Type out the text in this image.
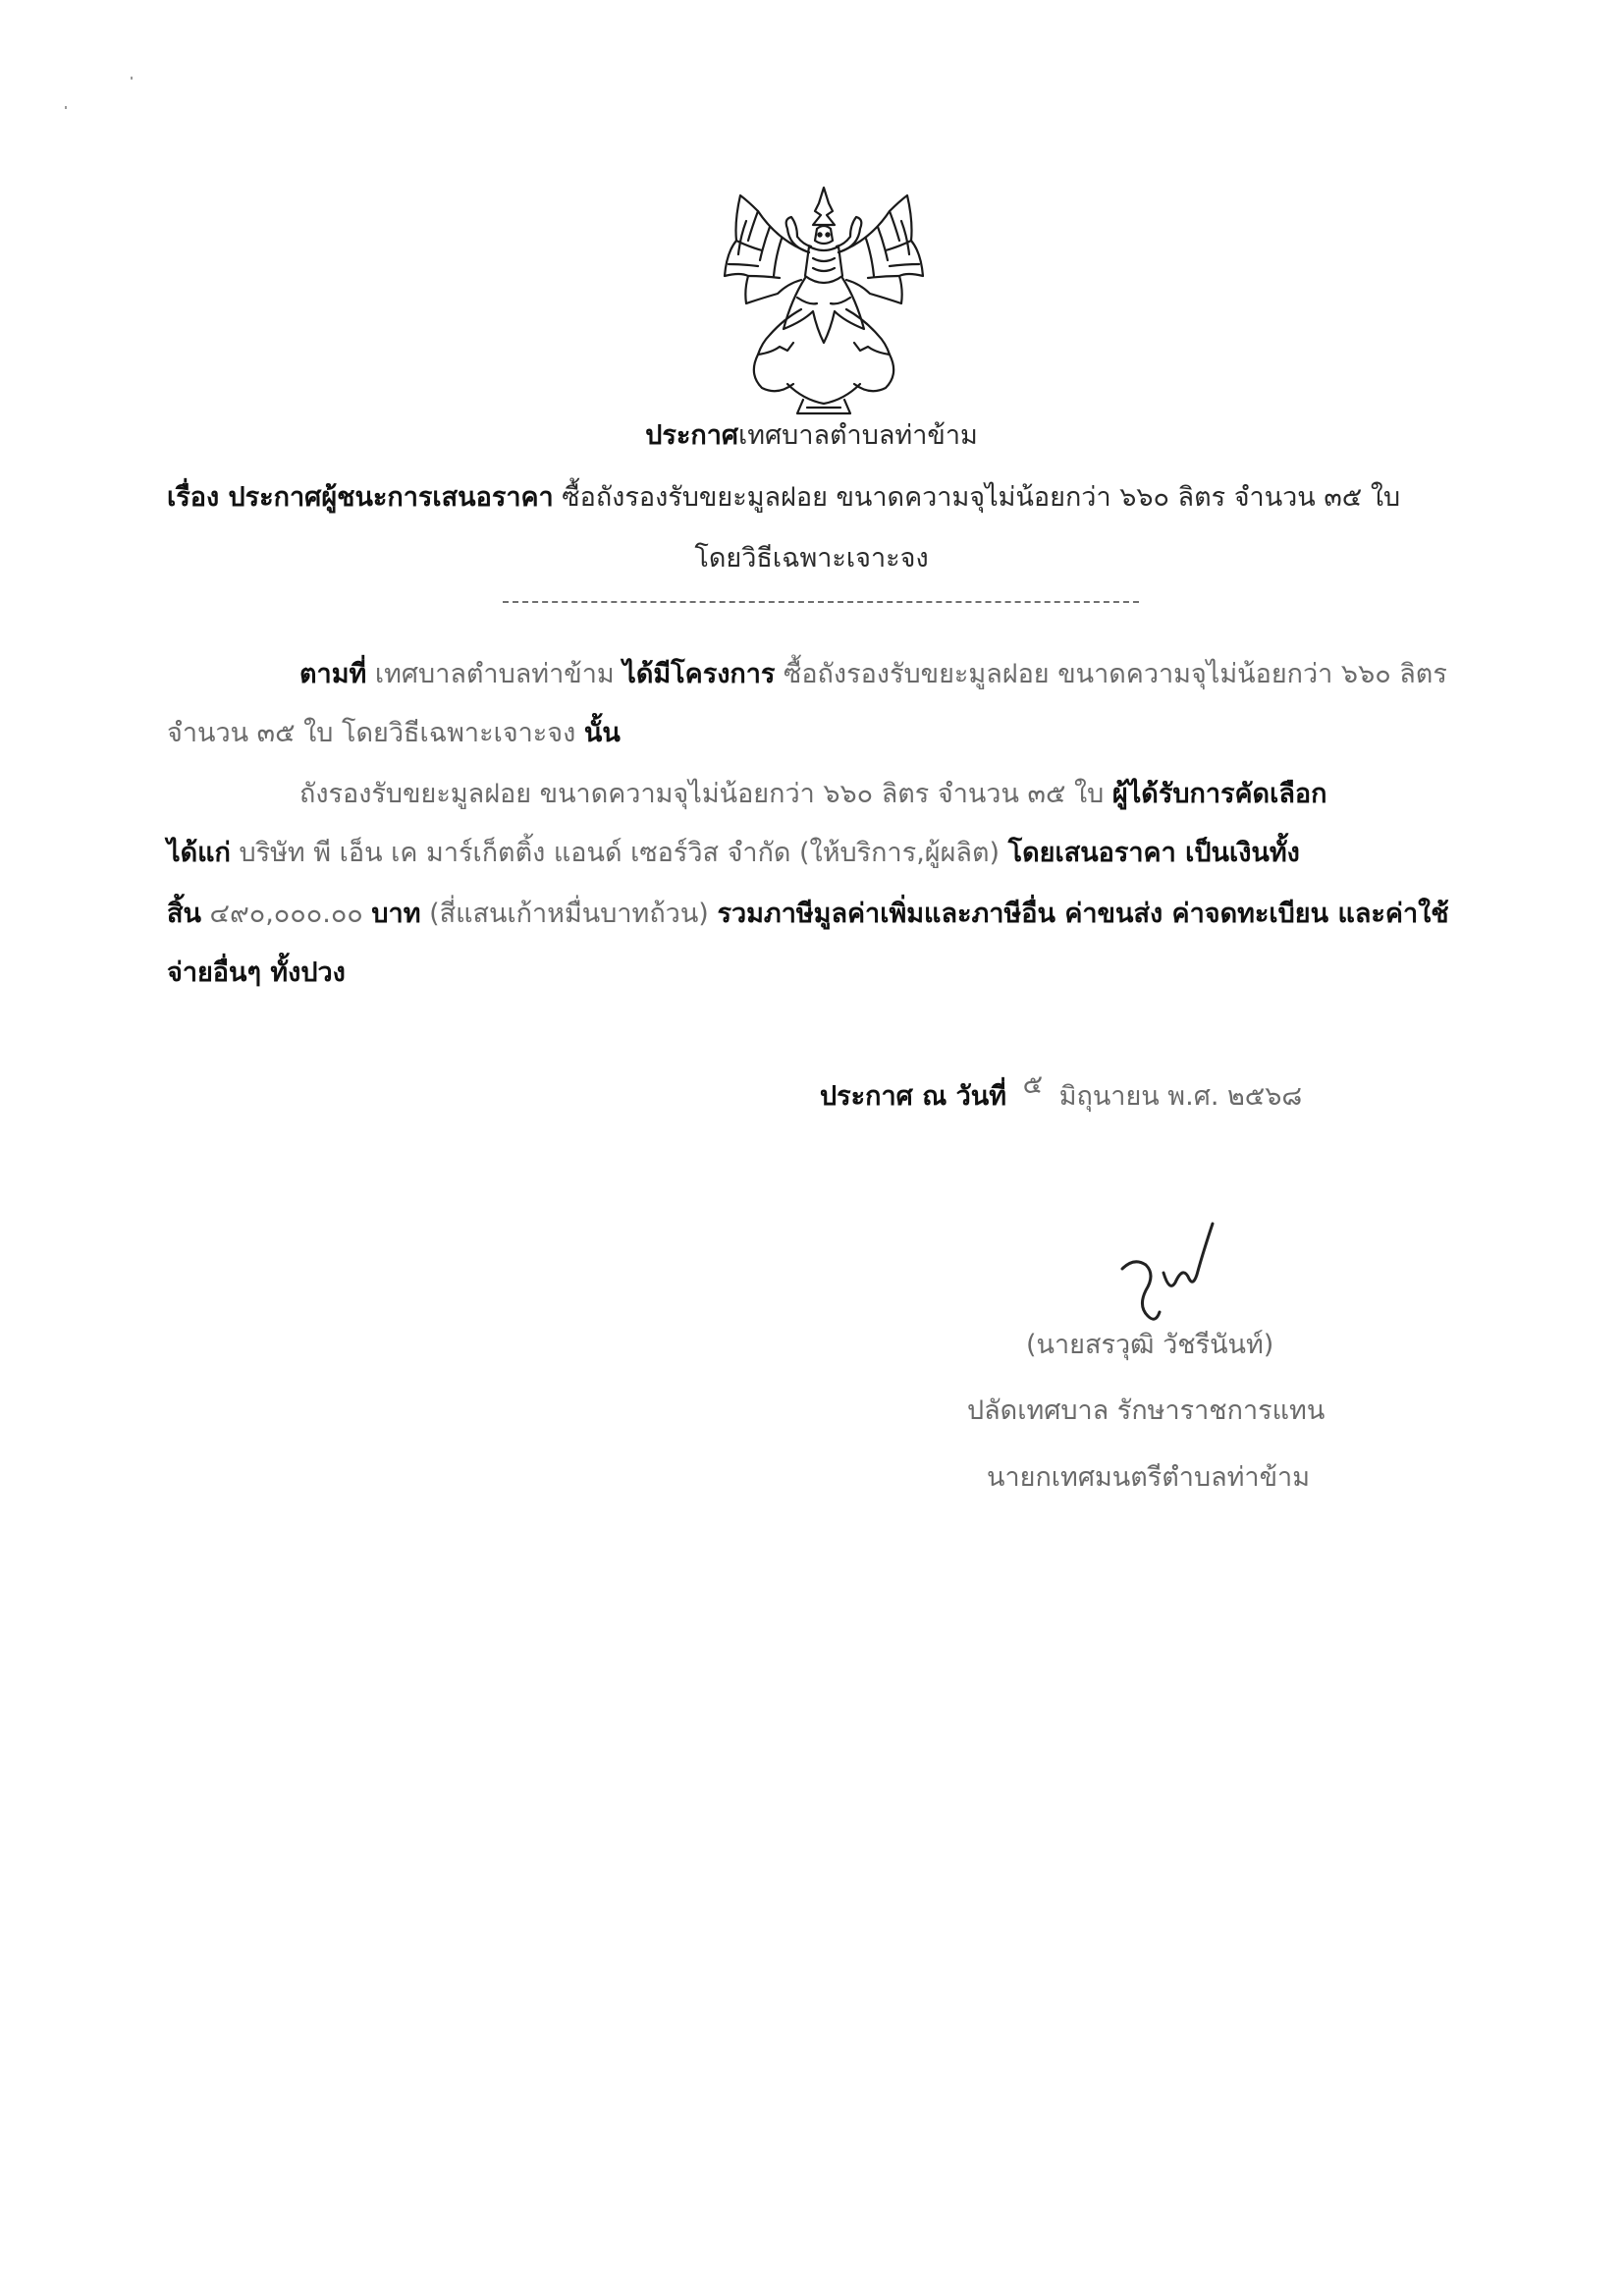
ประกาศเทศบาลตำบลท่าข้าม
เรื่อง ประกาศผู้ชนะการเสนอราคา ซื้อถังรองรับขยะมูลฝอย ขนาดความจุไม่น้อยกว่า ๖๖๐ ลิตร จำนวน ๓๕ ใบ
โดยวิธีเฉพาะเจาะจง
ตามที่ เทศบาลตำบลท่าข้าม ได้มีโครงการ ซื้อถังรองรับขยะมูลฝอย ขนาดความจุไม่น้อยกว่า ๖๖๐ ลิตร
จำนวน ๓๕ ใบ โดยวิธีเฉพาะเจาะจง นั้น
ถังรองรับขยะมูลฝอย ขนาดความจุไม่น้อยกว่า ๖๖๐ ลิตร จำนวน ๓๕ ใบ ผู้ได้รับการคัดเลือก
ได้แก่ บริษัท พี เอ็น เค มาร์เก็ตติ้ง แอนด์ เซอร์วิส จำกัด (ให้บริการ,ผู้ผลิต) โดยเสนอราคา เป็นเงินทั้ง
สิ้น ๔๙๐,๐๐๐.๐๐ บาท (สี่แสนเก้าหมื่นบาทถ้วน) รวมภาษีมูลค่าเพิ่มและภาษีอื่น ค่าขนส่ง ค่าจดทะเบียน และค่าใช้
จ่ายอื่นๆ ทั้งปวง
ประกาศ ณ วันที่ ๕ มิถุนายน พ.ศ. ๒๕๖๘
(นายสรวุฒิ วัชรีนันท์)
ปลัดเทศบาล รักษาราชการแทน
นายกเทศมนตรีตำบลท่าข้าม
